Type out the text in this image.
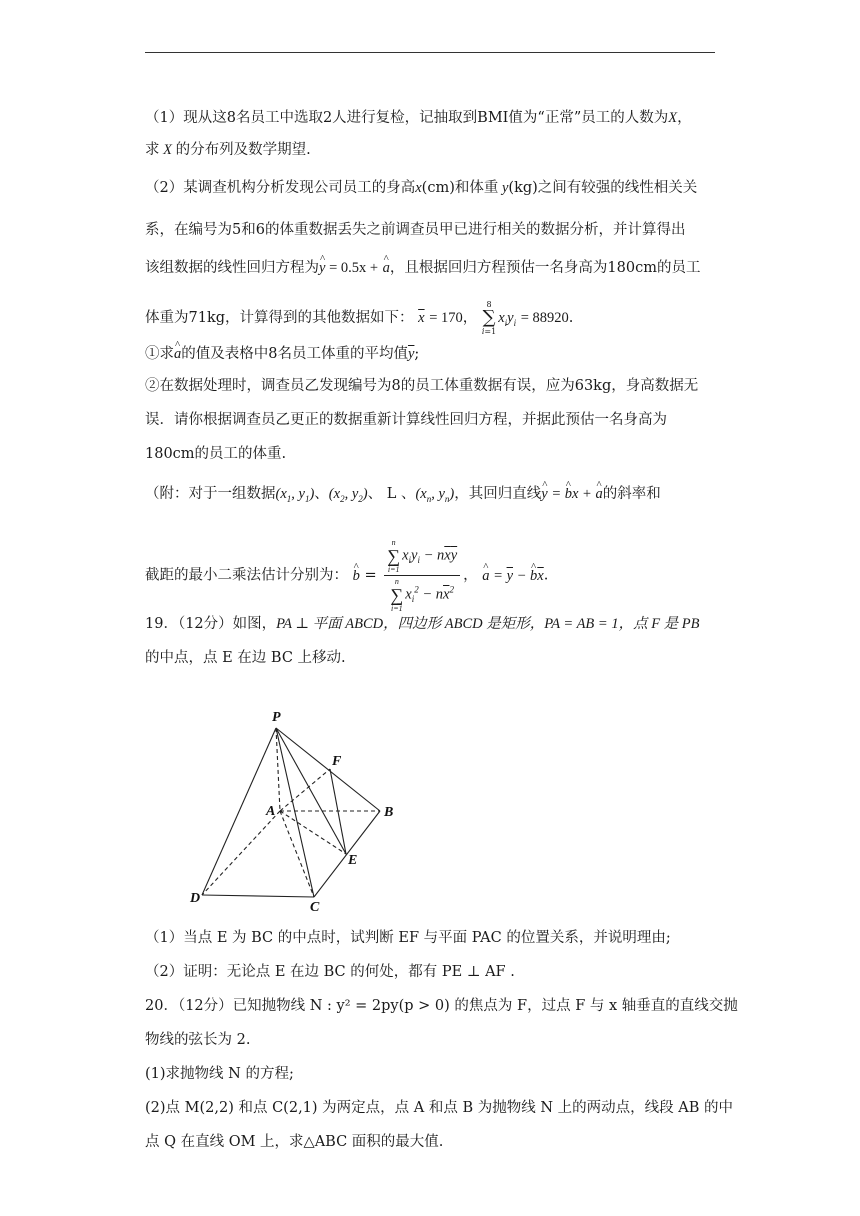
（1）现从这8名员工中选取2人进行复检，记抽取到BMI值为“正常”员工的人数为X，
求 X 的分布列及数学期望.
（2）某调查机构分析发现公司员工的身高x(cm)和体重 y(kg)之间有较强的线性相关关
系，在编号为5和6的体重数据丢失之前调查员甲已进行相关的数据分析，并计算得出
该组数据的线性回归方程为^ y = 0.5x + ^ a，且根据回归方程预估一名身高为180cm的员工
体重为71kg，计算得到的其他数据如下： $\overline{x} = 170$， 8
∑
$i=1x_iy_i = 88920$.
①求^ a的值及表格中8名员工体重的平均值$\overline{y}$;
②在数据处理时，调查员乙发现编号为8的员工体重数据有误，应为63kg，身高数据无
误．请你根据调查员乙更正的数据重新计算线性回归方程，并据此预估一名身高为
180cm的员工的体重.
（附：对于一组数据($x_1$, $y_1$)、($x_2$, $y_2$)、 L 、($x_n$, $y_n$)，其回归直线^ y = ^ bx + ^ a的斜率和
截距的最小二乘法估计分别为： ^ b = n
∑
$i=1x_iy_i - n\overline{x}\overline{y}$
n
∑
$i=1x_i^2 - n\overline{x}^2$ ， ^ $a = \overline{y}$ − ^ $b\overline{x}$.
19．（12分）如图，PA ⊥ 平面 ABCD，四边形 ABCD 是矩形，PA = AB = 1，点 F 是 PB
的中点，点 E 在边 BC 上移动.
P
F
A	B
E
D
C
（1）当点 E 为 BC 的中点时，试判断 EF 与平面 PAC 的位置关系，并说明理由;
（2）证明：无论点 E 在边 BC 的何处，都有 PE ⊥ AF .
20．（12分）已知抛物线 N : y² = 2py(p > 0) 的焦点为 F，过点 F 与 x 轴垂直的直线交抛
物线的弦长为 2.
(1)求抛物线 N 的方程;
(2)点 M(2,2) 和点 C(2,1) 为两定点，点 A 和点 B 为抛物线 N 上的两动点，线段 AB 的中
点 Q 在直线 OM 上，求△ABC 面积的最大值.
